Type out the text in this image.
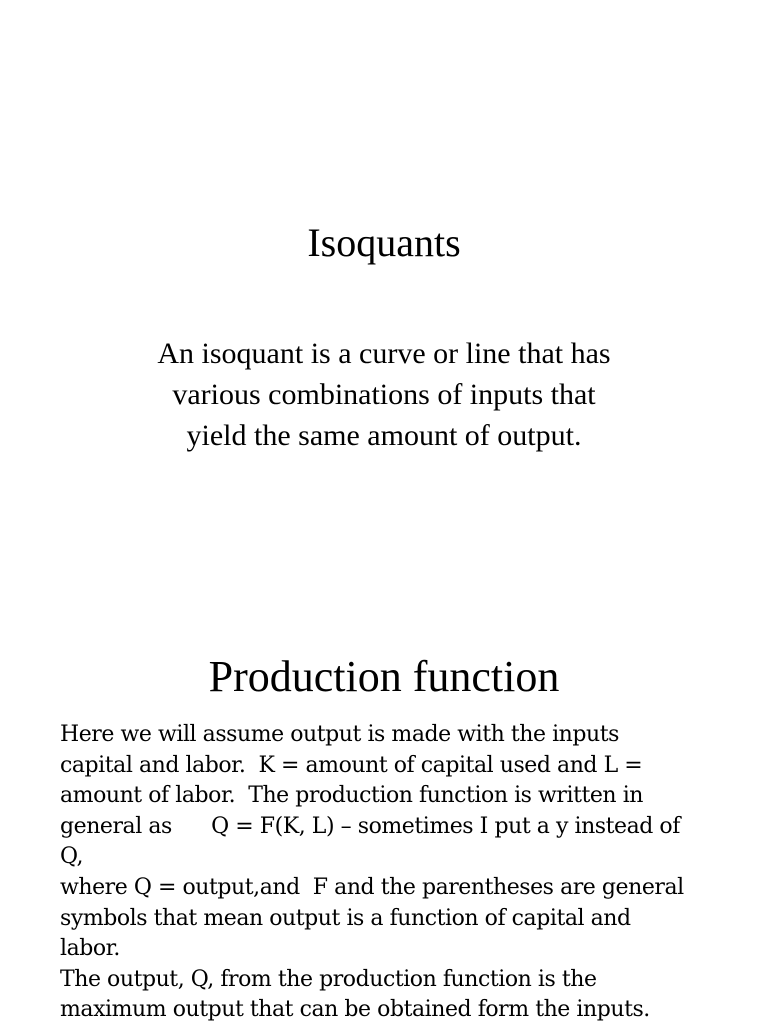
Isoquants

An isoquant is a curve or line that has
various combinations of inputs that
yield the same amount of output.

Production function

Here we will assume output is made with the inputs
capital and labor.  K = amount of capital used and L =
amount of labor.  The production function is written in
general as      Q = F(K, L) – sometimes I put a y instead of
Q,
where Q = output,and  F and the parentheses are general
symbols that mean output is a function of capital and
labor.
The output, Q, from the production function is the
maximum output that can be obtained form the inputs.
